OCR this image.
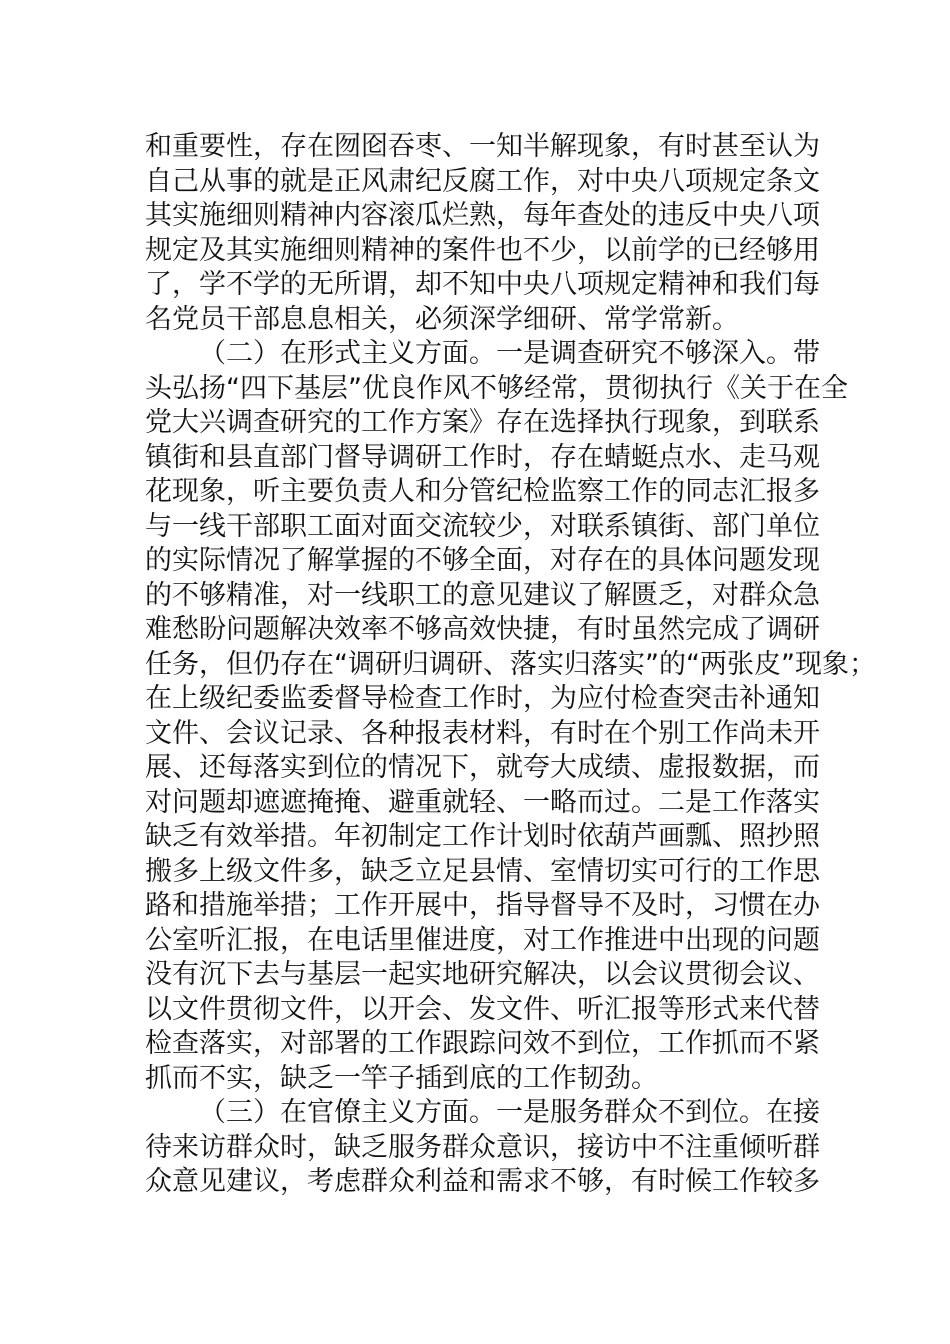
和重要性，存在囫囵吞枣、一知半解现象，有时甚至认为
自己从事的就是正风肃纪反腐工作，对中央八项规定条文
其实施细则精神内容滚瓜烂熟，每年查处的违反中央八项
规定及其实施细则精神的案件也不少，以前学的已经够用
了，学不学的无所谓，却不知中央八项规定精神和我们每
名党员干部息息相关，必须深学细研、常学常新。
（二）在形式主义方面。一是调查研究不够深入。带
头弘扬“四下基层”优良作风不够经常，贯彻执行《关于在全
党大兴调查研究的工作方案》存在选择执行现象，到联系
镇街和县直部门督导调研工作时，存在蜻蜓点水、走马观
花现象，听主要负责人和分管纪检监察工作的同志汇报多
与一线干部职工面对面交流较少，对联系镇街、部门单位
的实际情况了解掌握的不够全面，对存在的具体问题发现
的不够精准，对一线职工的意见建议了解匮乏，对群众急
难愁盼问题解决效率不够高效快捷，有时虽然完成了调研
任务，但仍存在“调研归调研、落实归落实”的“两张皮”现象；
在上级纪委监委督导检查工作时，为应付检查突击补通知
文件、会议记录、各种报表材料，有时在个别工作尚未开
展、还每落实到位的情况下，就夸大成绩、虚报数据，而
对问题却遮遮掩掩、避重就轻、一略而过。二是工作落实
缺乏有效举措。年初制定工作计划时依葫芦画瓢、照抄照
搬多上级文件多，缺乏立足县情、室情切实可行的工作思
路和措施举措；工作开展中，指导督导不及时，习惯在办
公室听汇报，在电话里催进度，对工作推进中出现的问题
没有沉下去与基层一起实地研究解决，以会议贯彻会议、
以文件贯彻文件，以开会、发文件、听汇报等形式来代替
检查落实，对部署的工作跟踪问效不到位，工作抓而不紧
抓而不实，缺乏一竿子插到底的工作韧劲。
（三）在官僚主义方面。一是服务群众不到位。在接
待来访群众时，缺乏服务群众意识，接访中不注重倾听群
众意见建议，考虑群众利益和需求不够，有时候工作较多
